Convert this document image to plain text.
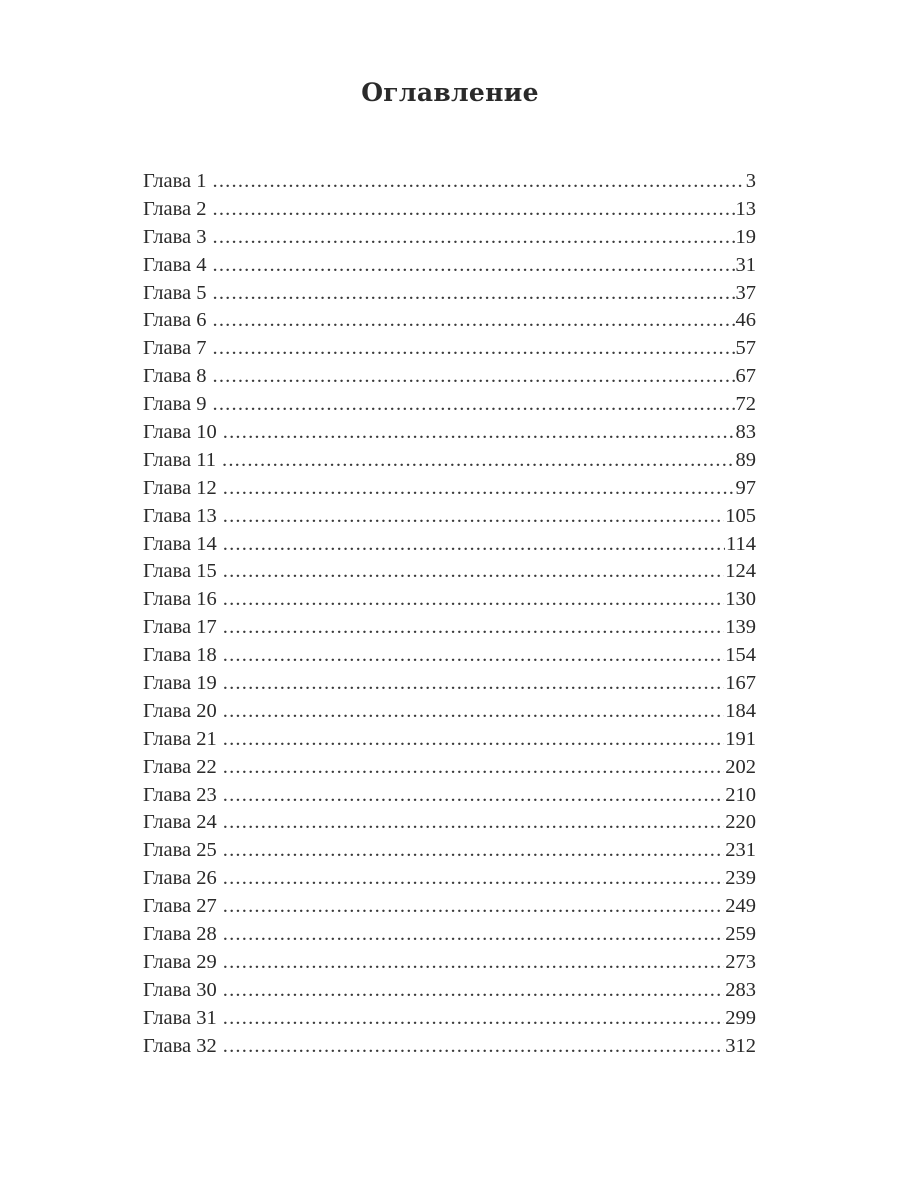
Оглавление
Глава 1 .....	3
Глава 2 .....	13
Глава 3 .....	19
Глава 4 .....	31
Глава 5 .....	37
Глава 6 .....	46
Глава 7 .....	57
Глава 8 .....	67
Глава 9 .....	72
Глава 10 .....	83
Глава 11 .....	89
Глава 12 .....	97
Глава 13 .....	105
Глава 14 .....	114
Глава 15 .....	124
Глава 16 .....	130
Глава 17 .....	139
Глава 18 .....	154
Глава 19 .....	167
Глава 20 .....	184
Глава 21 .....	191
Глава 22 .....	202
Глава 23 .....	210
Глава 24 .....	220
Глава 25 .....	231
Глава 26 .....	239
Глава 27 .....	249
Глава 28 .....	259
Глава 29 .....	273
Глава 30 .....	283
Глава 31 .....	299
Глава 32 .....	312
